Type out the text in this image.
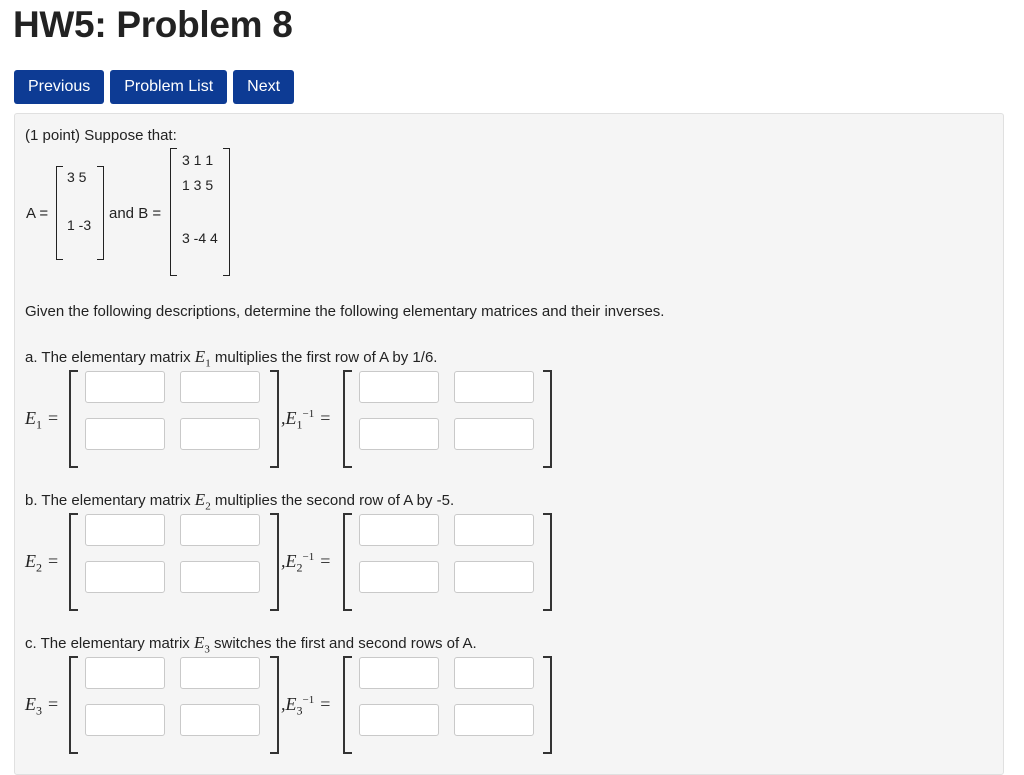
HW5: Problem 8
Previous	Problem List	Next
(1 point) Suppose that:
A =
3 5
1 -3
and B =
3 1 1
1 3 5
3 -4 4
Given the following descriptions, determine the following elementary matrices and their inverses.
a. The elementary matrix $E_1$ multiplies the first row of A by 1/6.
$E_1$ =	$,E_1^{-1}$ =
b. The elementary matrix $E_2$ multiplies the second row of A by -5.
$E_2$ =	$,E_2^{-1}$ =
c. The elementary matrix $E_3$ switches the first and second rows of A.
$E_3$ =	$,E_3^{-1}$ =
